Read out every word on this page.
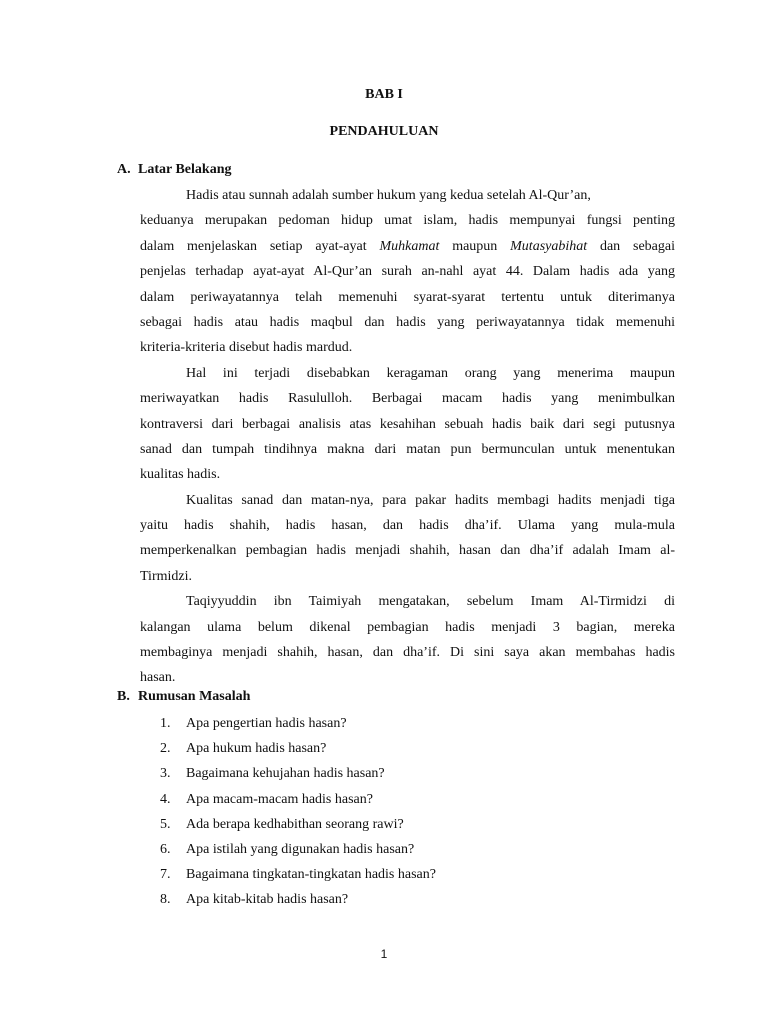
BAB I
PENDAHULUAN
A. Latar Belakang
Hadis atau sunnah adalah sumber hukum yang kedua setelah Al-Qur’an,
keduanya merupakan pedoman hidup umat islam, hadis mempunyai fungsi penting
dalam menjelaskan setiap ayat-ayat Muhkamat maupun Mutasyabihat dan sebagai
penjelas terhadap ayat-ayat Al-Qur’an surah an-nahl ayat 44. Dalam hadis ada yang
dalam periwayatannya telah memenuhi syarat-syarat tertentu untuk diterimanya
sebagai hadis atau hadis maqbul dan hadis yang periwayatannya tidak memenuhi
kriteria-kriteria disebut hadis mardud.
Hal ini terjadi disebabkan keragaman orang yang menerima maupun
meriwayatkan hadis Rasululloh. Berbagai macam hadis yang menimbulkan
kontraversi dari berbagai analisis atas kesahihan sebuah hadis baik dari segi putusnya
sanad dan tumpah tindihnya makna dari matan pun bermunculan untuk menentukan
kualitas hadis.
Kualitas sanad dan matan-nya, para pakar hadits membagi hadits menjadi tiga
yaitu hadis shahih, hadis hasan, dan hadis dha’if. Ulama yang mula-mula
memperkenalkan pembagian hadis menjadi shahih, hasan dan dha’if adalah Imam al-
Tirmidzi.
Taqiyyuddin ibn Taimiyah mengatakan, sebelum Imam Al-Tirmidzi di
kalangan ulama belum dikenal pembagian hadis menjadi 3 bagian, mereka
membaginya menjadi shahih, hasan, dan dha’if. Di sini saya akan membahas hadis
hasan.
B. Rumusan Masalah
1. Apa pengertian hadis hasan?
2. Apa hukum hadis hasan?
3. Bagaimana kehujahan hadis hasan?
4. Apa macam-macam hadis hasan?
5. Ada berapa kedhabithan seorang rawi?
6. Apa istilah yang digunakan hadis hasan?
7. Bagaimana tingkatan-tingkatan hadis hasan?
8. Apa kitab-kitab hadis hasan?
1
